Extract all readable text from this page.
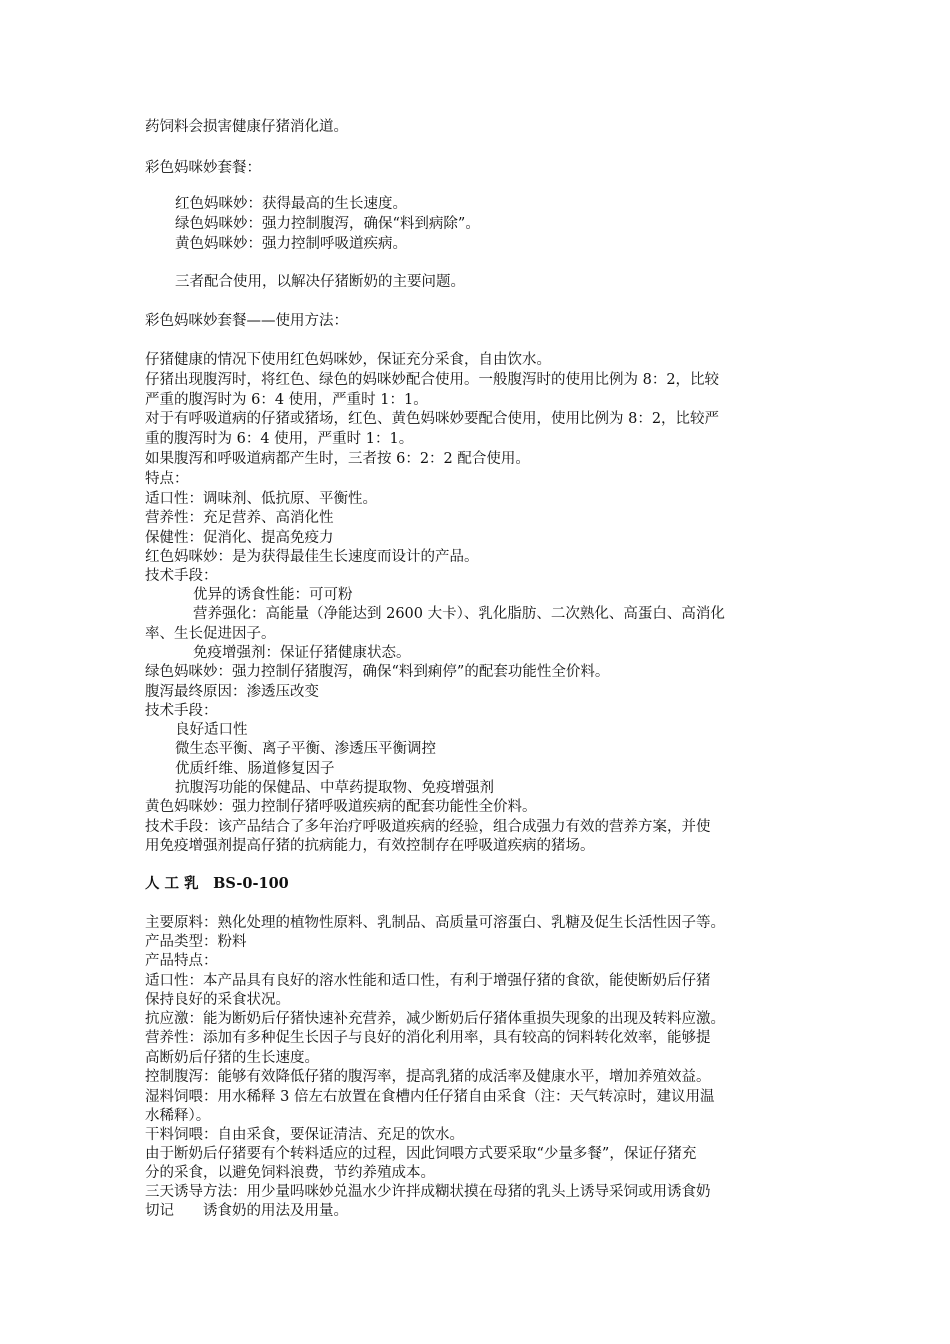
药饲料会损害健康仔猪消化道。
彩色妈咪妙套餐：
红色妈咪妙：获得最高的生长速度。
绿色妈咪妙：强力控制腹泻，确保“料到病除”。
黄色妈咪妙：强力控制呼吸道疾病。
三者配合使用，以解决仔猪断奶的主要问题。
彩色妈咪妙套餐——使用方法：
仔猪健康的情况下使用红色妈咪妙，保证充分采食，自由饮水。
仔猪出现腹泻时，将红色、绿色的妈咪妙配合使用。一般腹泻时的使用比例为 8：2，比较
严重的腹泻时为 6：4 使用，严重时 1：1。
对于有呼吸道病的仔猪或猪场，红色、黄色妈咪妙要配合使用，使用比例为 8：2，比较严
重的腹泻时为 6：4 使用，严重时 1：1。
如果腹泻和呼吸道病都产生时，三者按 6：2：2 配合使用。
特点：
适口性：调味剂、低抗原、平衡性。
营养性：充足营养、高消化性
保健性：促消化、提高免疫力
红色妈咪妙：是为获得最佳生长速度而设计的产品。
技术手段：
优异的诱食性能：可可粉
营养强化：高能量（净能达到 2600 大卡）、乳化脂肪、二次熟化、高蛋白、高消化
率、生长促进因子。
免疫增强剂：保证仔猪健康状态。
绿色妈咪妙：强力控制仔猪腹泻，确保“料到痢停”的配套功能性全价料。
腹泻最终原因：渗透压改变
技术手段：
良好适口性
微生态平衡、离子平衡、渗透压平衡调控
优质纤维、肠道修复因子
抗腹泻功能的保健品、中草药提取物、免疫增强剂
黄色妈咪妙：强力控制仔猪呼吸道疾病的配套功能性全价料。
技术手段：该产品结合了多年治疗呼吸道疾病的经验，组合成强力有效的营养方案，并使
用免疫增强剂提高仔猪的抗病能力，有效控制存在呼吸道疾病的猪场。
人 工 乳　BS-0-100
主要原料：熟化处理的植物性原料、乳制品、高质量可溶蛋白、乳糖及促生长活性因子等。
产品类型：粉料
产品特点：
适口性：本产品具有良好的溶水性能和适口性，有利于增强仔猪的食欲，能使断奶后仔猪
保持良好的采食状况。
抗应激：能为断奶后仔猪快速补充营养，减少断奶后仔猪体重损失现象的出现及转料应激。
营养性：添加有多种促生长因子与良好的消化利用率，具有较高的饲料转化效率，能够提
高断奶后仔猪的生长速度。
控制腹泻：能够有效降低仔猪的腹泻率，提高乳猪的成活率及健康水平，增加养殖效益。
湿料饲喂：用水稀释 3 倍左右放置在食槽内任仔猪自由采食（注：天气转凉时，建议用温
水稀释）。
干料饲喂：自由采食，要保证清洁、充足的饮水。
由于断奶后仔猪要有个转料适应的过程，因此饲喂方式要采取“少量多餐”，保证仔猪充
分的采食，以避免饲料浪费，节约养殖成本。
三天诱导方法：用少量吗咪妙兑温水少许拌成糊状摸在母猪的乳头上诱导采饲或用诱食奶
切记　　诱食奶的用法及用量。
